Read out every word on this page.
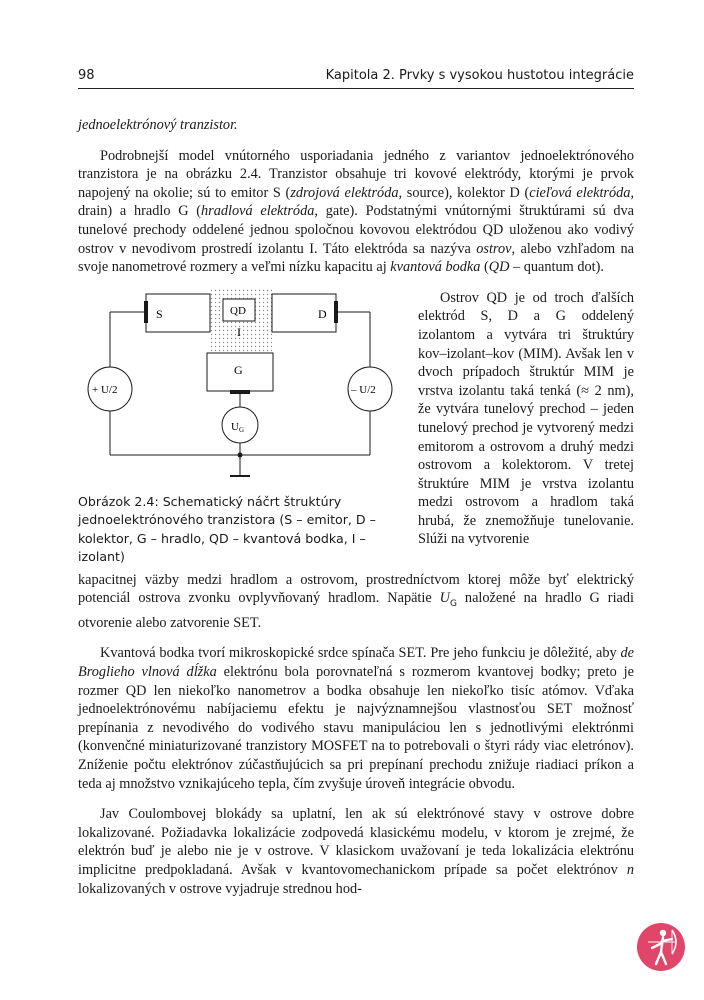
98	Kapitola 2. Prvky s vysokou hustotou integrácie

jednoelektrónový tranzistor.

Podrobnejší model vnútorného usporiadania jedného z variantov jednoelektrónového tranzistora je na obrázku 2.4. Tranzistor obsahuje tri kovové elektródy, ktorými je prvok napojený na okolie; sú to emitor S (zdrojová elektróda, source), kolektor D (cieľová elektróda, drain) a hradlo G (hradlová elektróda, gate). Podstatnými vnútornými štruktúrami sú dva tunelové prechody oddelené jednou spoločnou kovovou elektródou QD uloženou ako vodivý ostrov v nevodivom prostredí izolantu I. Táto elektróda sa nazýva ostrov, alebo vzhľadom na svoje nanometrové rozmery a veľmi nízku kapacitu aj kvantová bodka (QD – quantum dot).

S	QD	D
I
G
+ U/2	– U/2
UG
Obrázok 2.4: Schematický náčrt štruktúry jednoelektrónového tranzistora (S – emitor, D – kolektor, G – hradlo, QD – kvantová bodka, I – izolant)
Ostrov QD je od troch ďalších elektród S, D a G oddelený izolantom a vytvára tri štruktúry kov–izolant–kov (MIM). Avšak len v dvoch prípadoch štruktúr MIM je vrstva izolantu taká tenká (≈ 2 nm), že vytvára tunelový prechod – jeden tunelový prechod je vytvorený medzi emitorom a ostrovom a druhý medzi ostrovom a kolektorom. V tretej štruktúre MIM je vrstva izolantu medzi ostrovom a hradlom taká hrubá, že znemožňuje tunelovanie. Slúži na vytvorenie

kapacitnej väzby medzi hradlom a ostrovom, prostredníctvom ktorej môže byť elektrický potenciál ostrova zvonku ovplyvňovaný hradlom. Napätie $U_G$ naložené na hradlo G riadi otvorenie alebo zatvorenie SET.

Kvantová bodka tvorí mikroskopické srdce spínača SET. Pre jeho funkciu je dôležité, aby de Broglieho vlnová dĺžka elektrónu bola porovnateľná s rozmerom kvantovej bodky; preto je rozmer QD len niekoľko nanometrov a bodka obsahuje len niekoľko tisíc atómov. Vďaka jednoelektrónovému nabíjaciemu efektu je najvýznamnejšou vlastnosťou SET možnosť prepínania z nevodivého do vodivého stavu manipuláciou len s jednotlivými elektrónmi (konvenčné miniaturizované tranzistory MOSFET na to potrebovali o štyri rády viac eletrónov). Zníženie počtu elektrónov zúčastňujúcich sa pri prepínaní prechodu znižuje riadiaci príkon a teda aj množstvo vznikajúceho tepla, čím zvyšuje úroveň integrácie obvodu.

Jav Coulombovej blokády sa uplatní, len ak sú elektrónové stavy v ostrove dobre lokalizované. Požiadavka lokalizácie zodpovedá klasickému modelu, v ktorom je zrejmé, že elektrón buď je alebo nie je v ostrove. V klasickom uvažovaní je teda lokalizácia elektrónu implicitne predpokladaná. Avšak v kvantovomechanickom prípade sa počet elektrónov n lokalizovaných v ostrove vyjadruje strednou hod-
